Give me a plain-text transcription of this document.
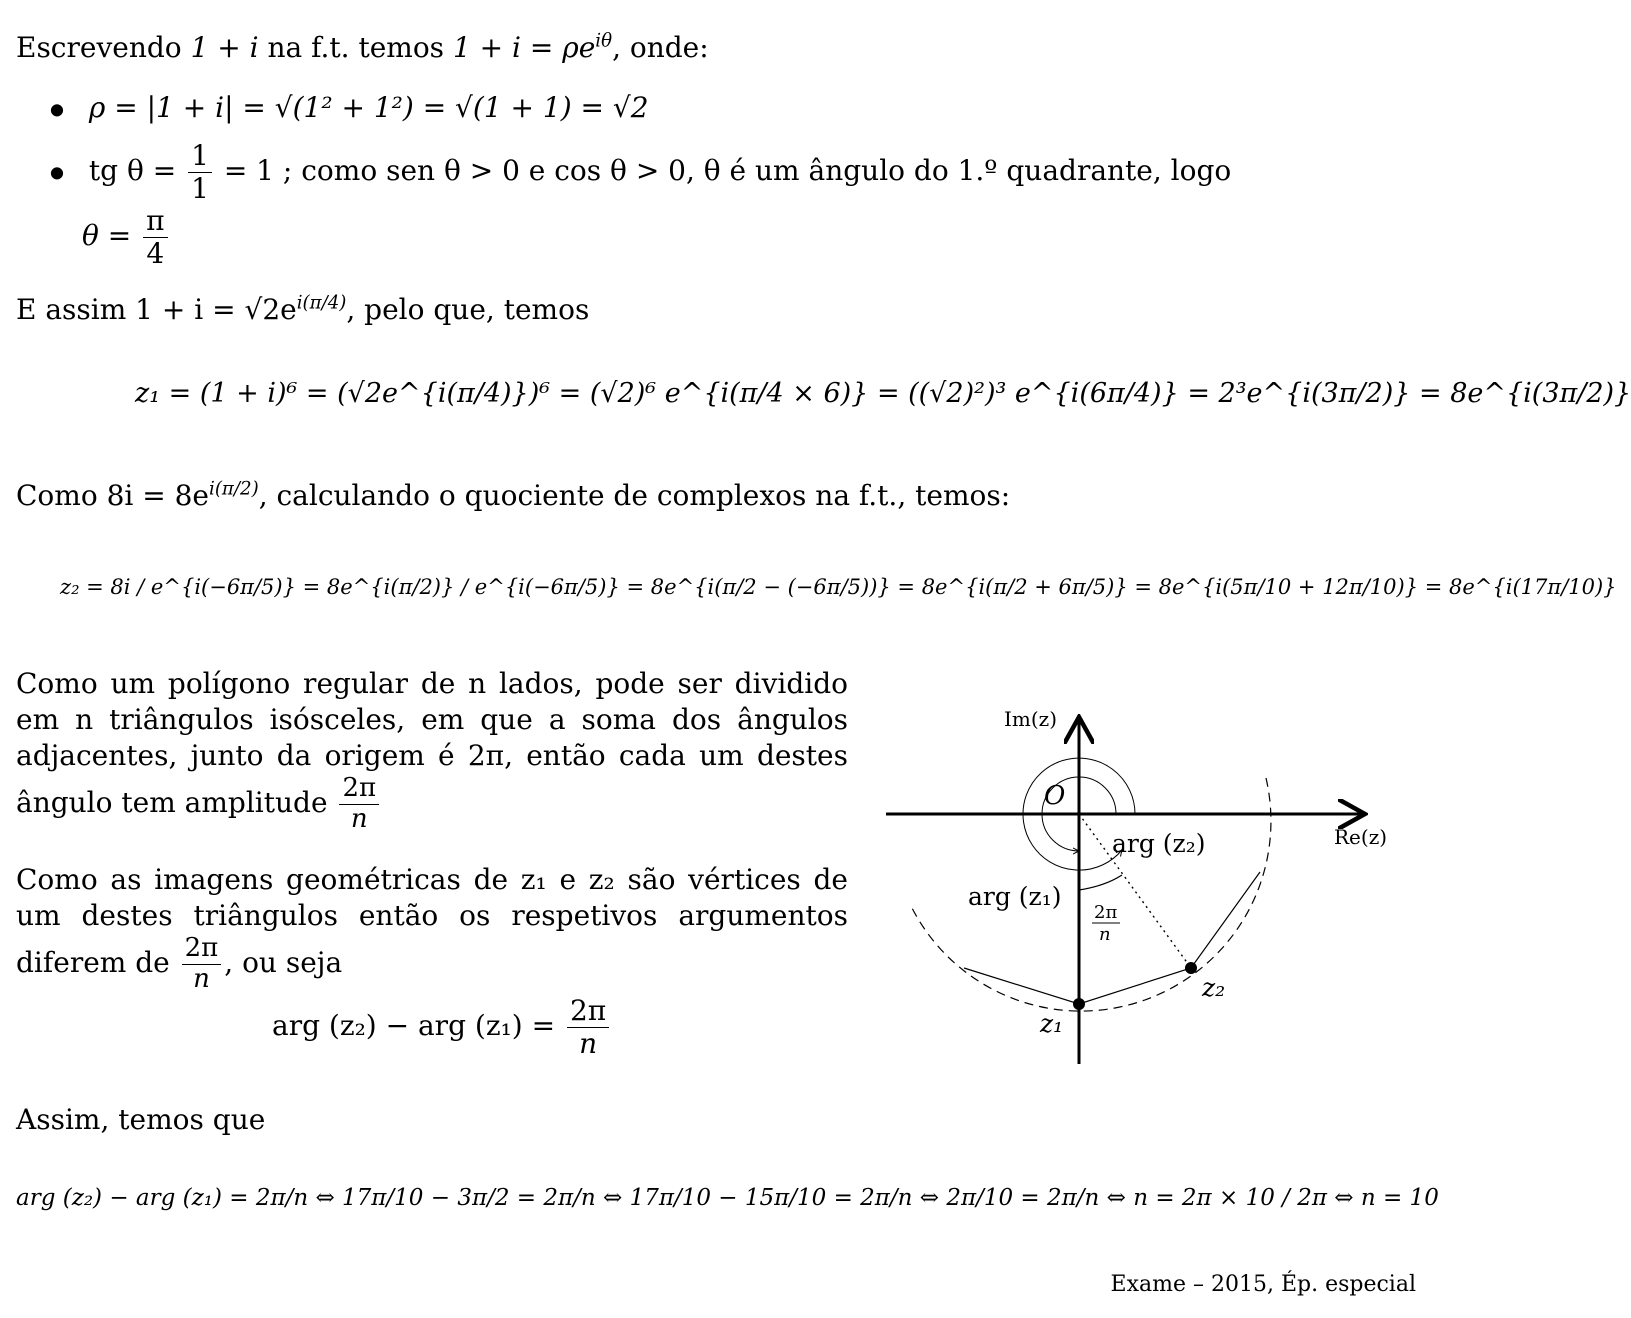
Escrevendo 1 + i na f.t. temos $1 + i = \rho e^{i\theta}$, onde:
● ρ = |1 + i| = √(1² + 1²) = √(1 + 1) = √2
● tg $\theta = \frac{1}{1} = 1$ ; como sen θ > 0 e cos θ > 0, θ é um ângulo do 1.º quadrante, logo
$\theta = \frac{\pi}{4}$
E assim $1 + i = √2e^{i(\pi/4)}$, pelo que, temos
z₁ = (1 + i)⁶ = (√2e^{i(π/4)})⁶ = (√2)⁶ e^{i(π/4 × 6)} = ((√2)²)³ e^{i(6π/4)} = 2³e^{i(3π/2)} = 8e^{i(3π/2)}
Como $8i = 8e^{i(\pi/2)}$, calculando o quociente de complexos na f.t., temos:
z₂ = 8i / e^{i(−6π/5)} = 8e^{i(π/2)} / e^{i(−6π/5)} = 8e^{i(π/2 − (−6π/5))} = 8e^{i(π/2 + 6π/5)} = 8e^{i(5π/10 + 12π/10)} = 8e^{i(17π/10)}
Como um polígono regular de n lados, pode ser dividido em n triângulos isósceles, em que a soma dos ângulos adjacentes, junto da origem é 2π, então cada um destes ângulo tem amplitude $\frac{2\pi}{n}$
Como as imagens geométricas de z₁ e z₂ são vértices de um destes triângulos então os respetivos argumentos diferem de $\frac{2\pi}{n}$ , ou seja
arg (z₂) − arg $(z_1) = \frac{2\pi}{n}$
Assim, temos que
arg (z₂) − arg (z₁) = 2π/n ⇔ 17π/10 − 3π/2 = 2π/n ⇔ 17π/10 − 15π/10 = 2π/n ⇔ 2π/10 = 2π/n ⇔ n = 2π × 10 / 2π ⇔ n = 10
Exame – 2015, Ép. especial
Im(z)
Re(z)
O
arg (z₂)
arg (z₁)
2π
n
z₁
z₂
